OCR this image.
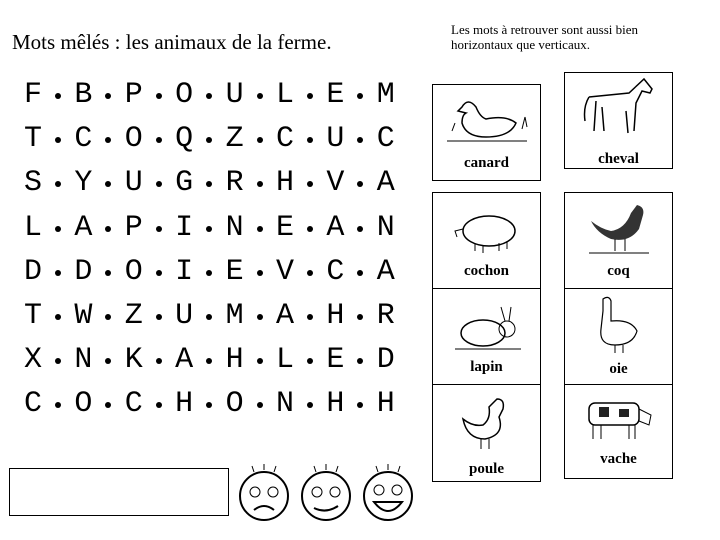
Mots mêlés : les animaux de la ferme.
Les mots à retrouver sont aussi bien horizontaux que verticaux.
F B P O U L E M
T C O Q Z C U C
S Y U G R H V A
L A P I N E A N
D D O I E V C A
T W Z U M A H R
X N K A H L E D
C O C H O N H H
canard	cheval
cochon	coq
lapin	oie
poule
vache
